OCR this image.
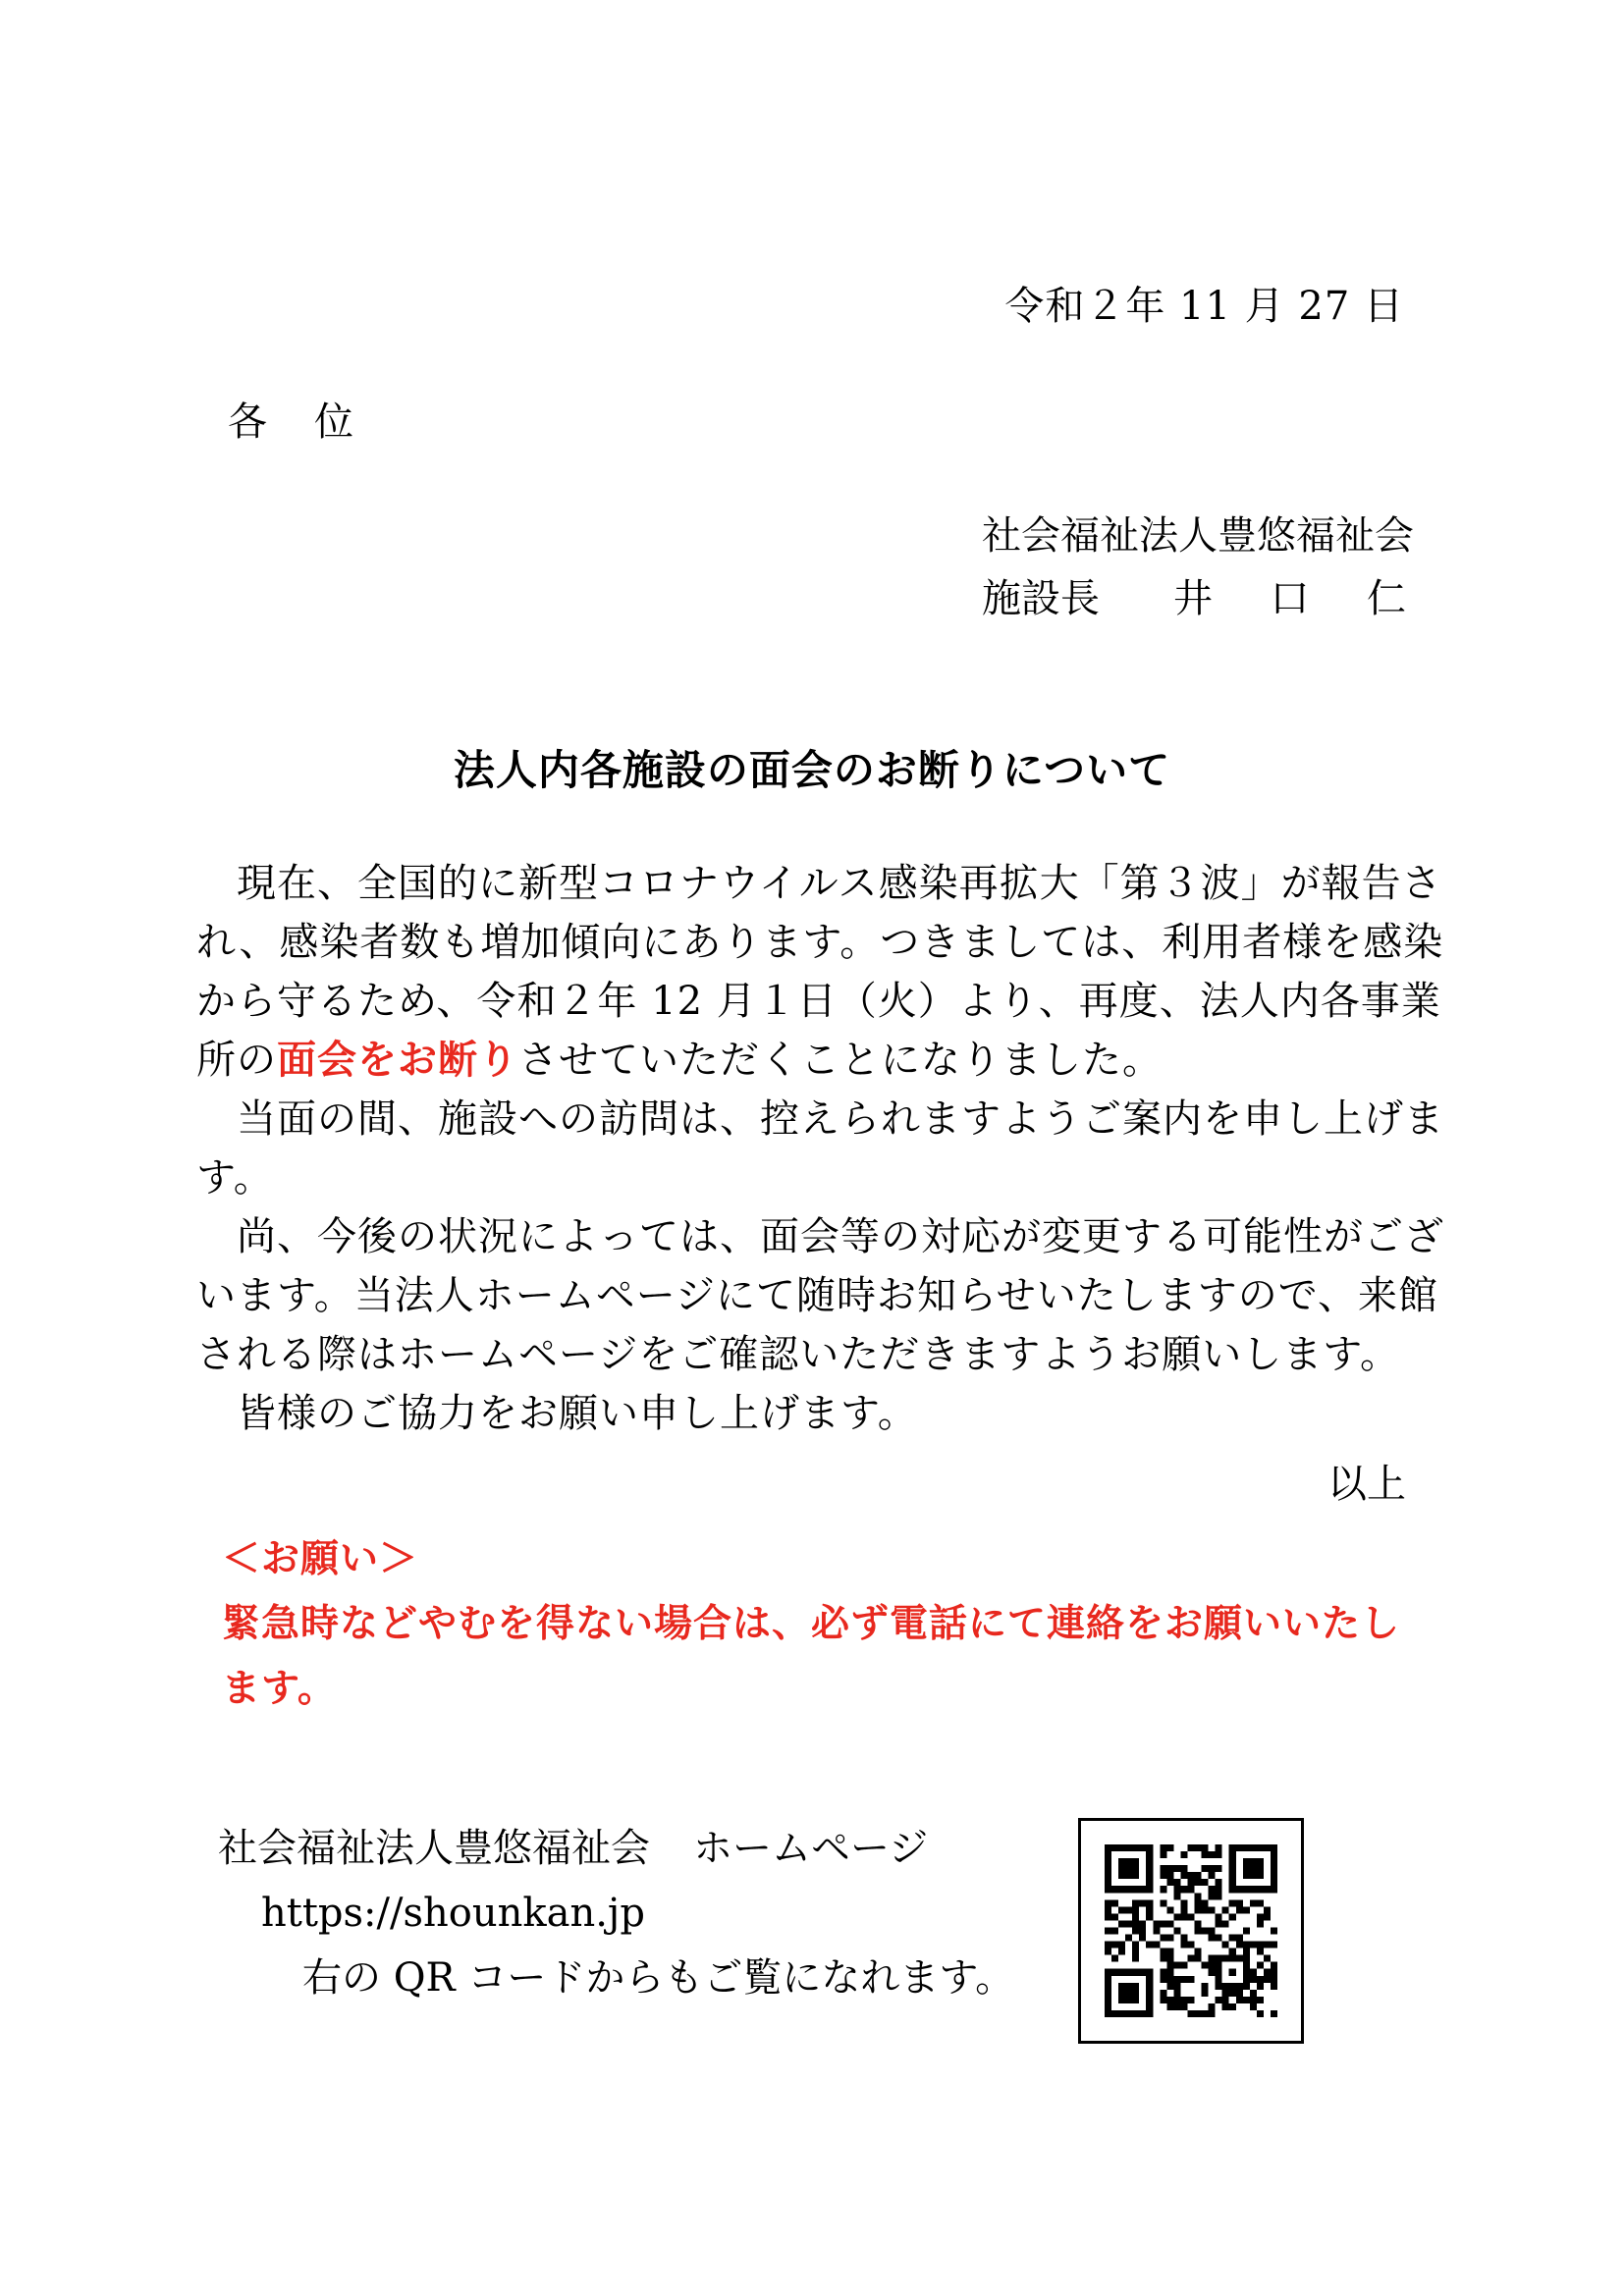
令和２年 11 月 27 日
各 位
社会福祉法人豊悠福祉会
施設長	井 口 仁
法人内各施設の面会のお断りについて

　現在、全国的に新型コロナウイルス感染再拡大「第３波」が報告さ
れ、感染者数も増加傾向にあります。つきましては、利用者様を感染
から守るため、令和２年 12 月１日（火）より、再度、法人内各事業
所の面会をお断りさせていただくことになりました。

　当面の間、施設への訪問は、控えられますようご案内を申し上げま
す。

　尚、今後の状況によっては、面会等の対応が変更する可能性がござ
います。当法人ホームページにて随時お知らせいたしますので、来館
される際はホームページをご確認いただきますようお願いします。

　皆様のご協力をお願い申し上げます。

以上
＜お願い＞
緊急時などやむを得ない場合は、必ず電話にて連絡をお願いいたし
ます。
社会福祉法人豊悠福祉会 ホームページ
https://shounkan.jp
右の QR コードからもご覧になれます。
